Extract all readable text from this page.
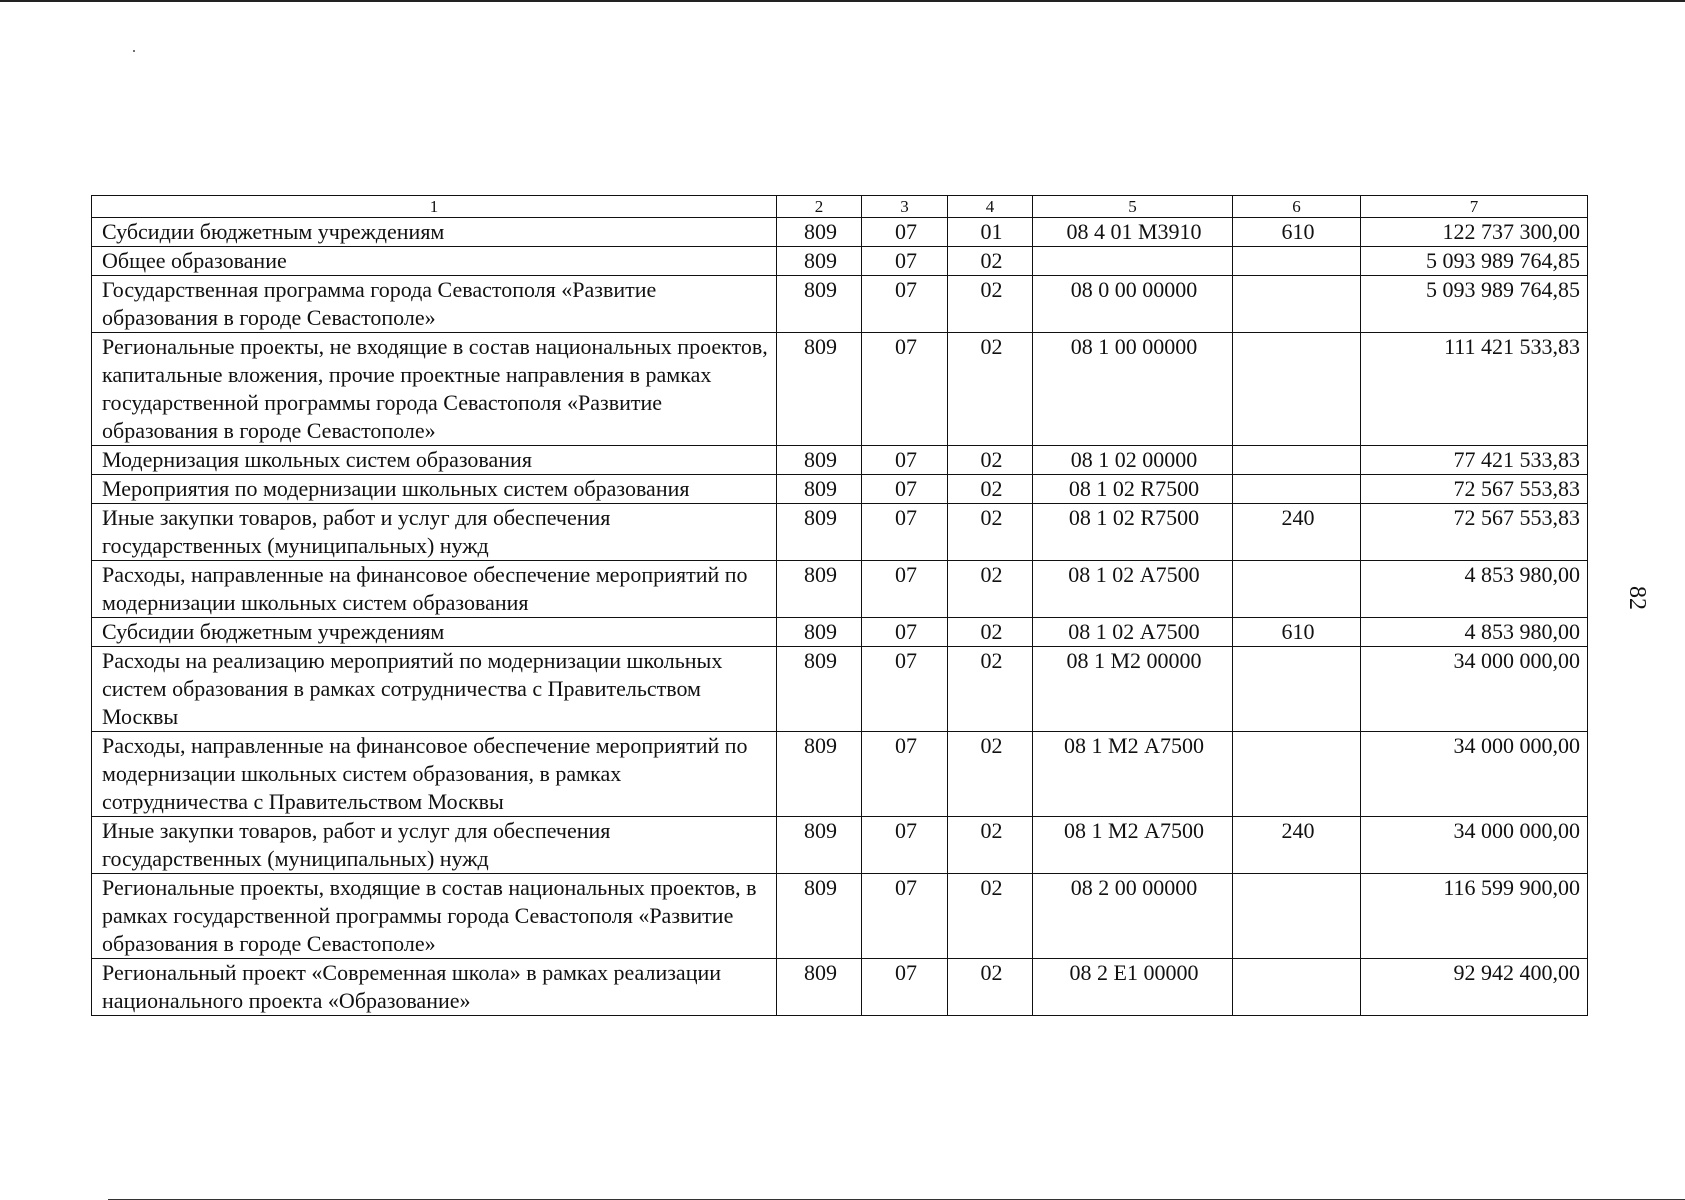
1	2	3	4	5	6	7
Субсидии бюджетным учреждениям	809	07	01	08 4 01 М3910	610	122 737 300,00
Общее образование	809	07	02			5 093 989 764,85
Государственная программа города Севастополя «Развитие образования в городе Севастополе»	809	07	02	08 0 00 00000		5 093 989 764,85
Региональные проекты, не входящие в состав национальных проектов, капитальные вложения, прочие проектные направления в рамках государственной программы города Севастополя «Развитие образования в городе Севастополе»	809	07	02	08 1 00 00000		111 421 533,83
Модернизация школьных систем образования	809	07	02	08 1 02 00000		77 421 533,83
Мероприятия по модернизации школьных систем образования	809	07	02	08 1 02 R7500		72 567 553,83
Иные закупки товаров, работ и услуг для обеспечения государственных (муниципальных) нужд	809	07	02	08 1 02 R7500	240	72 567 553,83
Расходы, направленные на финансовое обеспечение мероприятий по модернизации школьных систем образования	809	07	02	08 1 02 А7500		4 853 980,00
Субсидии бюджетным учреждениям	809	07	02	08 1 02 А7500	610	4 853 980,00
Расходы на реализацию мероприятий по модернизации школьных систем образования в рамках сотрудничества с Правительством Москвы	809	07	02	08 1 М2 00000		34 000 000,00
Расходы, направленные на финансовое обеспечение мероприятий по модернизации школьных систем образования, в рамках сотрудничества с Правительством Москвы	809	07	02	08 1 М2 А7500		34 000 000,00
Иные закупки товаров, работ и услуг для обеспечения государственных (муниципальных) нужд	809	07	02	08 1 М2 А7500	240	34 000 000,00
Региональные проекты, входящие в состав национальных проектов, в рамках государственной программы города Севастополя «Развитие образования в городе Севастополе»	809	07	02	08 2 00 00000		116 599 900,00
Региональный проект «Современная школа» в рамках реализации национального проекта «Образование»	809	07	02	08 2 Е1 00000		92 942 400,00
82
